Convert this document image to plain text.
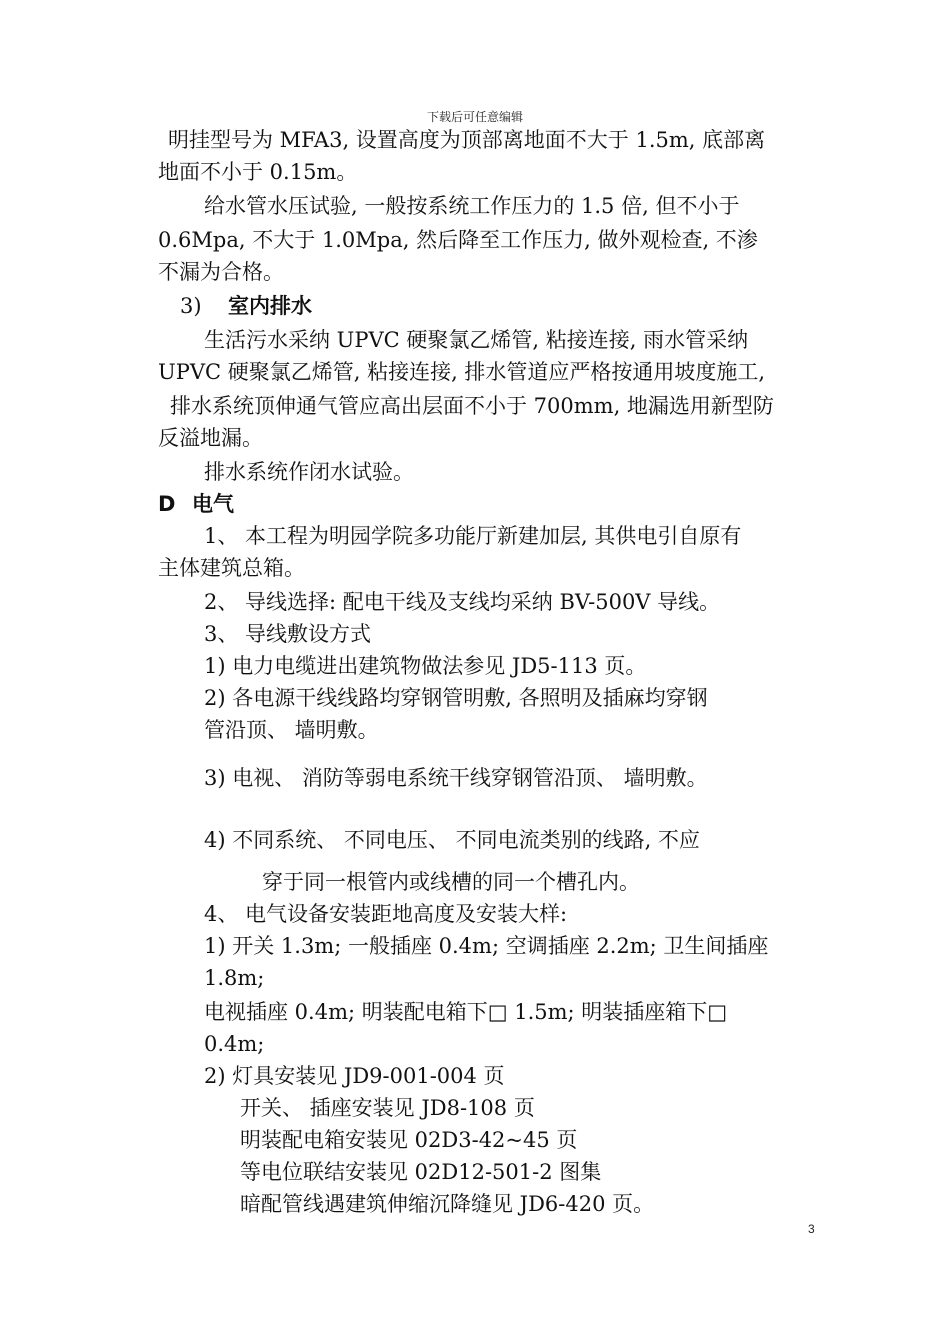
下载后可任意编辑
明挂型号为 MFA3, 设置高度为顶部离地面不大于 1.5m, 底部离
地面不小于 0.15m。
给水管水压试验, 一般按系统工作压力的 1.5 倍, 但不小于
0.6Mpa, 不大于 1.0Mpa, 然后降至工作压力, 做外观检查, 不渗
不漏为合格。
3) 室内排水
生活污水采纳 UPVC 硬聚氯乙烯管, 粘接连接, 雨水管采纳
UPVC 硬聚氯乙烯管, 粘接连接, 排水管道应严格按通用坡度施工,
排水系统顶伸通气管应高出层面不小于 700mm, 地漏选用新型防
反溢地漏。
排水系统作闭水试验。
D 电气
1、 本工程为明园学院多功能厅新建加层, 其供电引自原有
主体建筑总箱。
2、 导线选择: 配电干线及支线均采纳 BV-500V 导线。
3、 导线敷设方式
1) 电力电缆进出建筑物做法参见 JD5-113 页。
2) 各电源干线线路均穿钢管明敷, 各照明及插麻均穿钢
管沿顶、 墙明敷。
3) 电视、 消防等弱电系统干线穿钢管沿顶、 墙明敷。
4) 不同系统、 不同电压、 不同电流类别的线路, 不应
穿于同一根管内或线槽的同一个槽孔内。
4、 电气设备安装距地高度及安装大样:
1) 开关 1.3m; 一般插座 0.4m; 空调插座 2.2m; 卫生间插座
1.8m;
电视插座 0.4m; 明装配电箱下□ 1.5m; 明装插座箱下□
0.4m;
2) 灯具安装见 JD9-001-004 页
开关、 插座安装见 JD8-108 页
明装配电箱安装见 02D3-42~45 页
等电位联结安装见 02D12-501-2 图集
暗配管线遇建筑伸缩沉降缝见 JD6-420 页。
3
